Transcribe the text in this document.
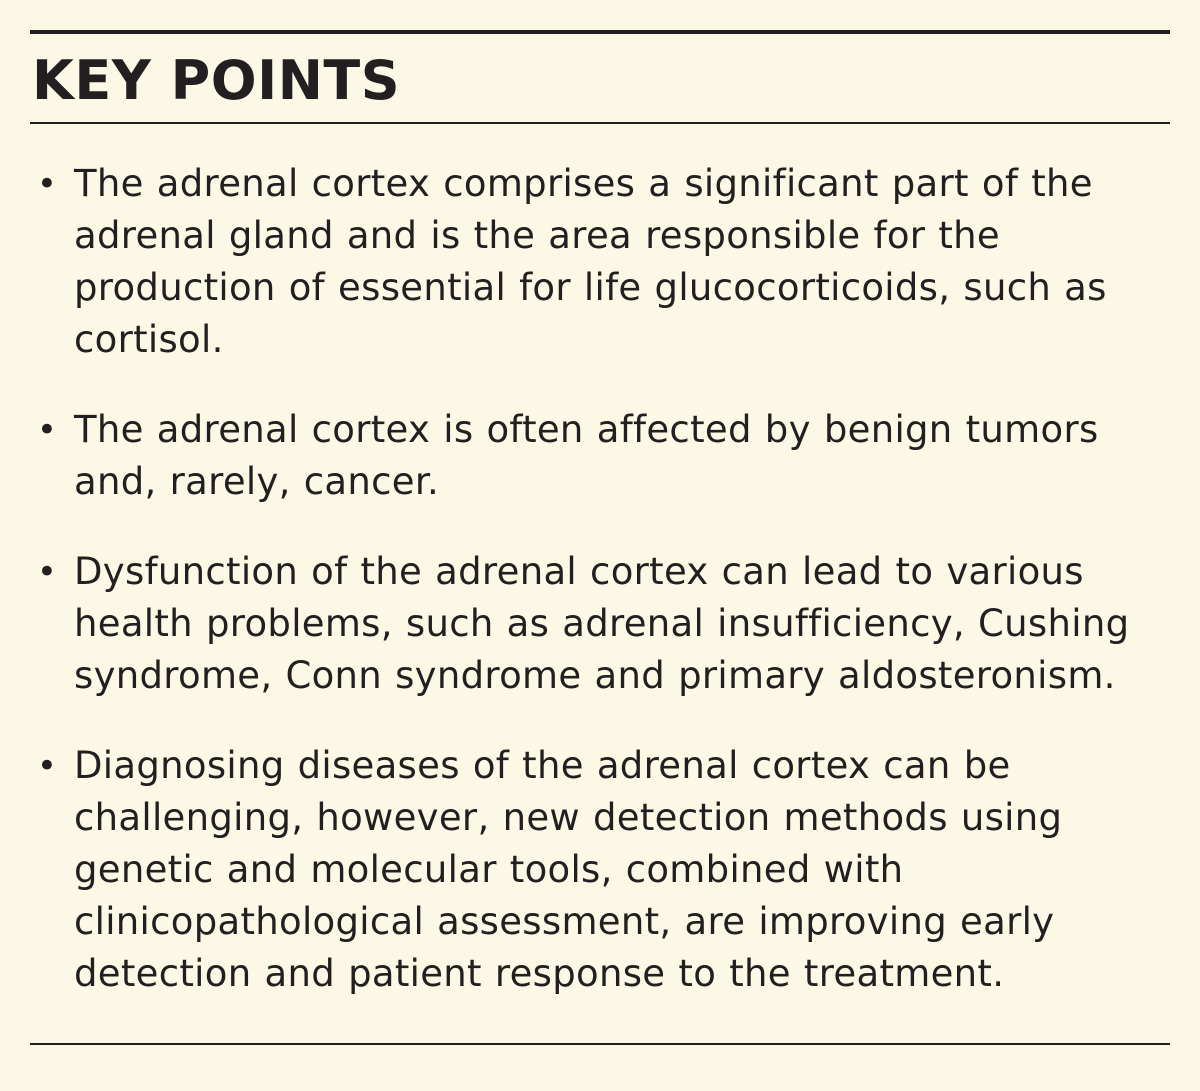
KEY POINTS
• The adrenal cortex comprises a significant part of the adrenal gland and is the area responsible for the production of essential for life glucocorticoids, such as cortisol.
• The adrenal cortex is often affected by benign tumors and, rarely, cancer.
• Dysfunction of the adrenal cortex can lead to various health problems, such as adrenal insufficiency, Cushing syndrome, Conn syndrome and primary aldosteronism.
• Diagnosing diseases of the adrenal cortex can be challenging, however, new detection methods using genetic and molecular tools, combined with clinicopathological assessment, are improving early detection and patient response to the treatment.
